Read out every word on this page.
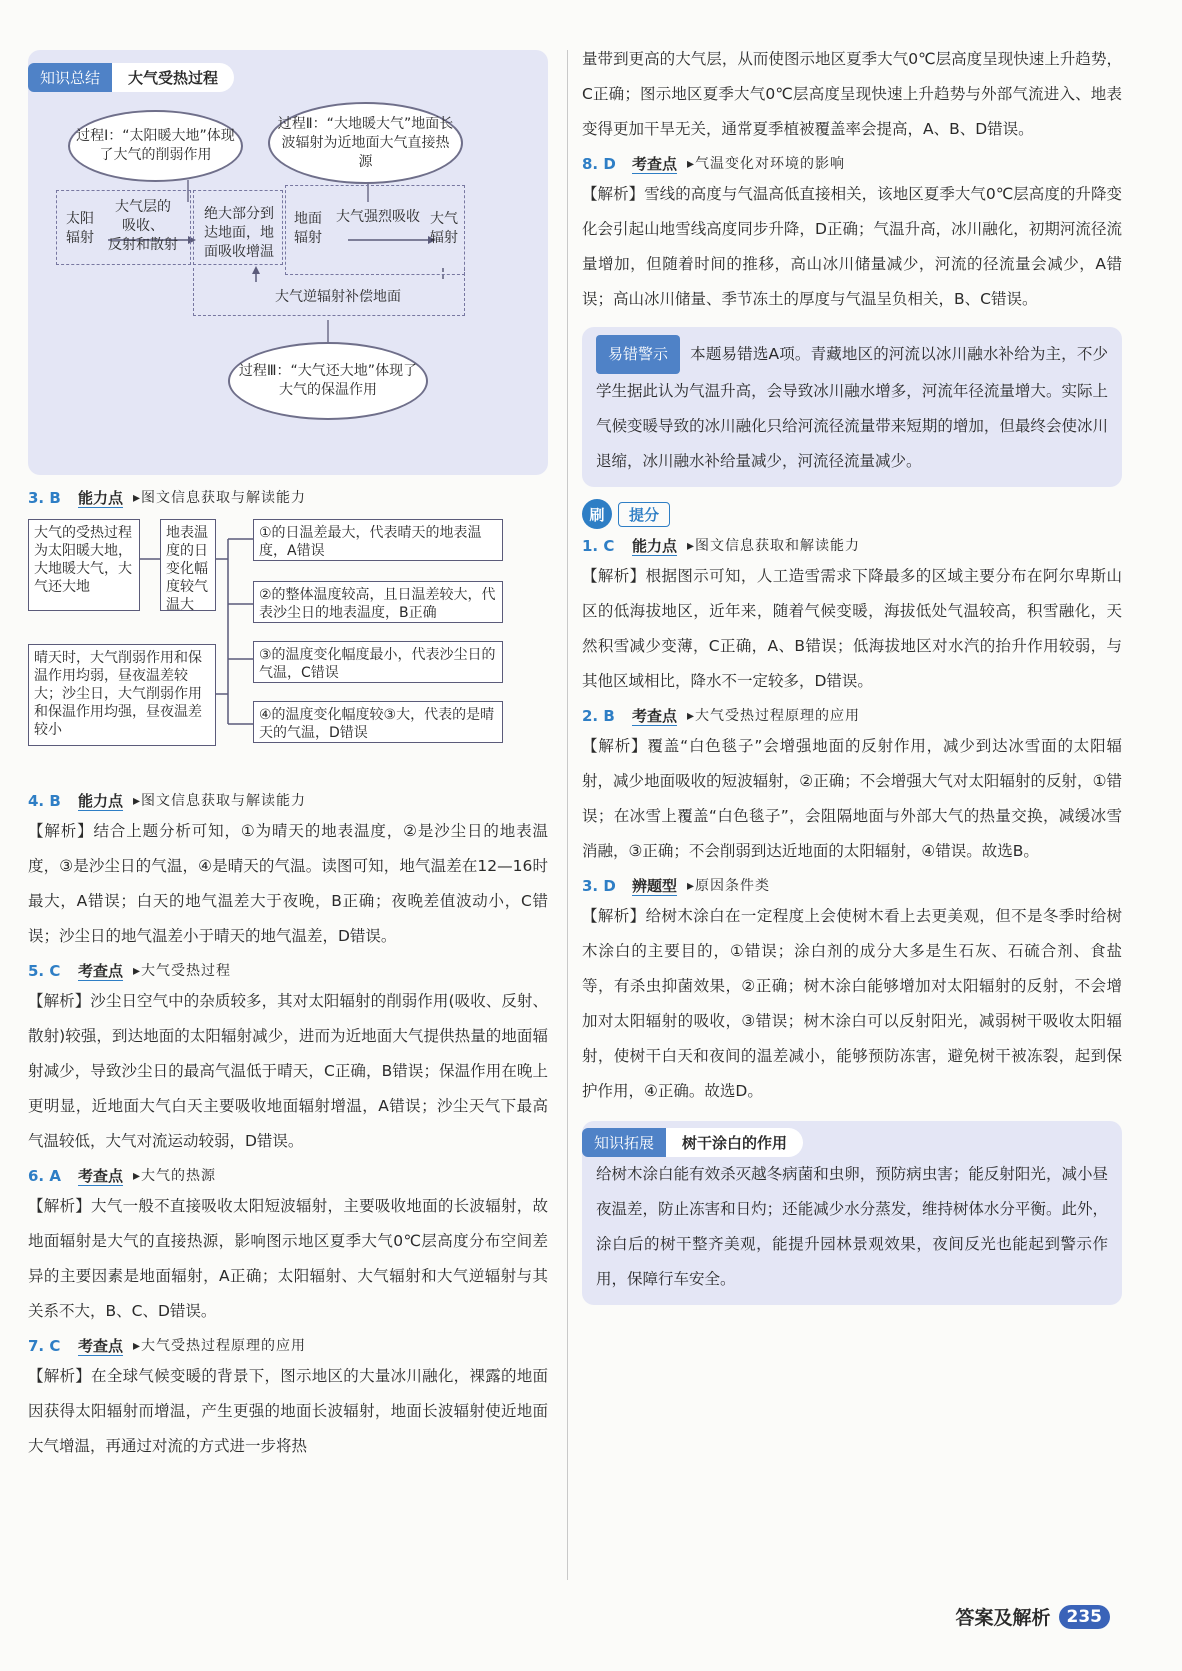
知识总结	大气受热过程
过程Ⅰ：“太阳暖大地”体现了大气的削弱作用
过程Ⅱ：“大地暖大气”地面长波辐射为近地面大气直接热源
太阳辐射
大气层的
吸收、
反射和散射
绝大部分到达地面，地面吸收增温
地面辐射
大气强烈吸收 大气辐射
大气逆辐射补偿地面
过程Ⅲ：“大气还大地”体现了大气的保温作用
3. B	能力点 ▸图文信息获取与解读能力
大气的受热过程为太阳暖大地，大地暖大气，大气还大地
地表温度的日变化幅度较气温大
晴天时，大气削弱作用和保温作用均弱，昼夜温差较大；沙尘日，大气削弱作用和保温作用均强，昼夜温差较小
①的日温差最大，代表晴天的地表温度，A错误
②的整体温度较高，且日温差较大，代表沙尘日的地表温度，B正确
③的温度变化幅度最小，代表沙尘日的气温，C错误
④的温度变化幅度较③大，代表的是晴天的气温，D错误
4. B	能力点 ▸图文信息获取与解读能力

【解析】结合上题分析可知，①为晴天的地表温度，②是沙尘日的地表温度，③是沙尘日的气温，④是晴天的气温。读图可知，地气温差在12—16时最大，A错误；白天的地气温差大于夜晚，B正确；夜晚差值波动小，C错误；沙尘日的地气温差小于晴天的地气温差，D错误。

5. C	考查点 ▸大气受热过程

【解析】沙尘日空气中的杂质较多，其对太阳辐射的削弱作用(吸收、反射、散射)较强，到达地面的太阳辐射减少，进而为近地面大气提供热量的地面辐射减少，导致沙尘日的最高气温低于晴天，C正确，B错误；保温作用在晚上更明显，近地面大气白天主要吸收地面辐射增温，A错误；沙尘天气下最高气温较低，大气对流运动较弱，D错误。

6. A	考查点 ▸大气的热源

【解析】大气一般不直接吸收太阳短波辐射，主要吸收地面的长波辐射，故地面辐射是大气的直接热源，影响图示地区夏季大气0℃层高度分布空间差异的主要因素是地面辐射，A正确；太阳辐射、大气辐射和大气逆辐射与其关系不大，B、C、D错误。

7. C	考查点 ▸大气受热过程原理的应用

【解析】在全球气候变暖的背景下，图示地区的大量冰川融化，裸露的地面因获得太阳辐射而增温，产生更强的地面长波辐射，地面长波辐射使近地面大气增温，再通过对流的方式进一步将热

量带到更高的大气层，从而使图示地区夏季大气0℃层高度呈现快速上升趋势，C正确；图示地区夏季大气0℃层高度呈现快速上升趋势与外部气流进入、地表变得更加干旱无关，通常夏季植被覆盖率会提高，A、B、D错误。

8. D	考查点 ▸气温变化对环境的影响

【解析】雪线的高度与气温高低直接相关，该地区夏季大气0℃层高度的升降变化会引起山地雪线高度同步升降，D正确；气温升高，冰川融化，初期河流径流量增加，但随着时间的推移，高山冰川储量减少，河流的径流量会减少，A错误；高山冰川储量、季节冻土的厚度与气温呈负相关，B、C错误。

易错警示 本题易错选A项。青藏地区的河流以冰川融水补给为主，不少学生据此认为气温升高，会导致冰川融水增多，河流年径流量增大。实际上气候变暖导致的冰川融化只给河流径流量带来短期的增加，但最终会使冰川退缩，冰川融水补给量减少，河流径流量减少。

刷	提分
1. C	能力点 ▸图文信息获取和解读能力

【解析】根据图示可知，人工造雪需求下降最多的区域主要分布在阿尔卑斯山区的低海拔地区，近年来，随着气候变暖，海拔低处气温较高，积雪融化，天然积雪减少变薄，C正确，A、B错误；低海拔地区对水汽的抬升作用较弱，与其他区域相比，降水不一定较多，D错误。

2. B	考查点 ▸大气受热过程原理的应用

【解析】覆盖“白色毯子”会增强地面的反射作用，减少到达冰雪面的太阳辐射，减少地面吸收的短波辐射，②正确；不会增强大气对太阳辐射的反射，①错误；在冰雪上覆盖“白色毯子”，会阻隔地面与外部大气的热量交换，减缓冰雪消融，③正确；不会削弱到达近地面的太阳辐射，④错误。故选B。

3. D	辨题型 ▸原因条件类

【解析】给树木涂白在一定程度上会使树木看上去更美观，但不是冬季时给树木涂白的主要目的，①错误；涂白剂的成分大多是生石灰、石硫合剂、食盐等，有杀虫抑菌效果，②正确；树木涂白能够增加对太阳辐射的反射，不会增加对太阳辐射的吸收，③错误；树木涂白可以反射阳光，减弱树干吸收太阳辐射，使树干白天和夜间的温差减小，能够预防冻害，避免树干被冻裂，起到保护作用，④正确。故选D。

知识拓展	树干涂白的作用

给树木涂白能有效杀灭越冬病菌和虫卵，预防病虫害；能反射阳光，减小昼夜温差，防止冻害和日灼；还能减少水分蒸发，维持树体水分平衡。此外，涂白后的树干整齐美观，能提升园林景观效果，夜间反光也能起到警示作用，保障行车安全。

答案及解析 235
